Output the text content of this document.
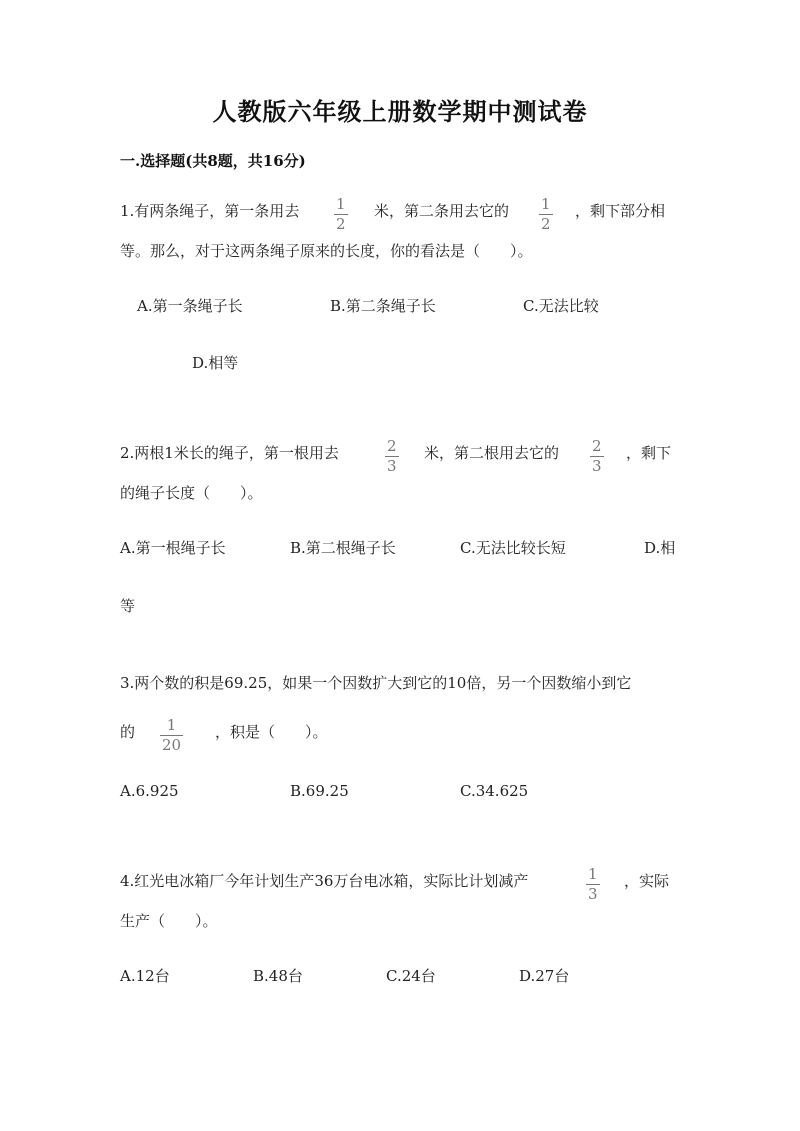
人教版六年级上册数学期中测试卷
一.选择题(共8题，共16分)
1.有两条绳子，第一条用去 1
2
米，第二条用去它的 1
2
，剩下部分相
等。那么，对于这两条绳子原来的长度，你的看法是（　　）。
A.第一条绳子长	B.第二条绳子长	C.无法比较
D.相等
2.两根1米长的绳子，第一根用去	2
3
米，第二根用去它的 2
3
，剩下
的绳子长度（　　）。
A.第一根绳子长	B.第二根绳子长	C.无法比较长短	D.相
等
3.两个数的积是69.25，如果一个因数扩大到它的10倍，另一个因数缩小到它
的 1
20
，积是（　　）。
A.6.925	B.69.25	C.34.625
4.红光电冰箱厂今年计划生产36万台电冰箱，实际比计划减产	1
3
，实际
生产（　　）。
A.12台	B.48台	C.24台	D.27台
